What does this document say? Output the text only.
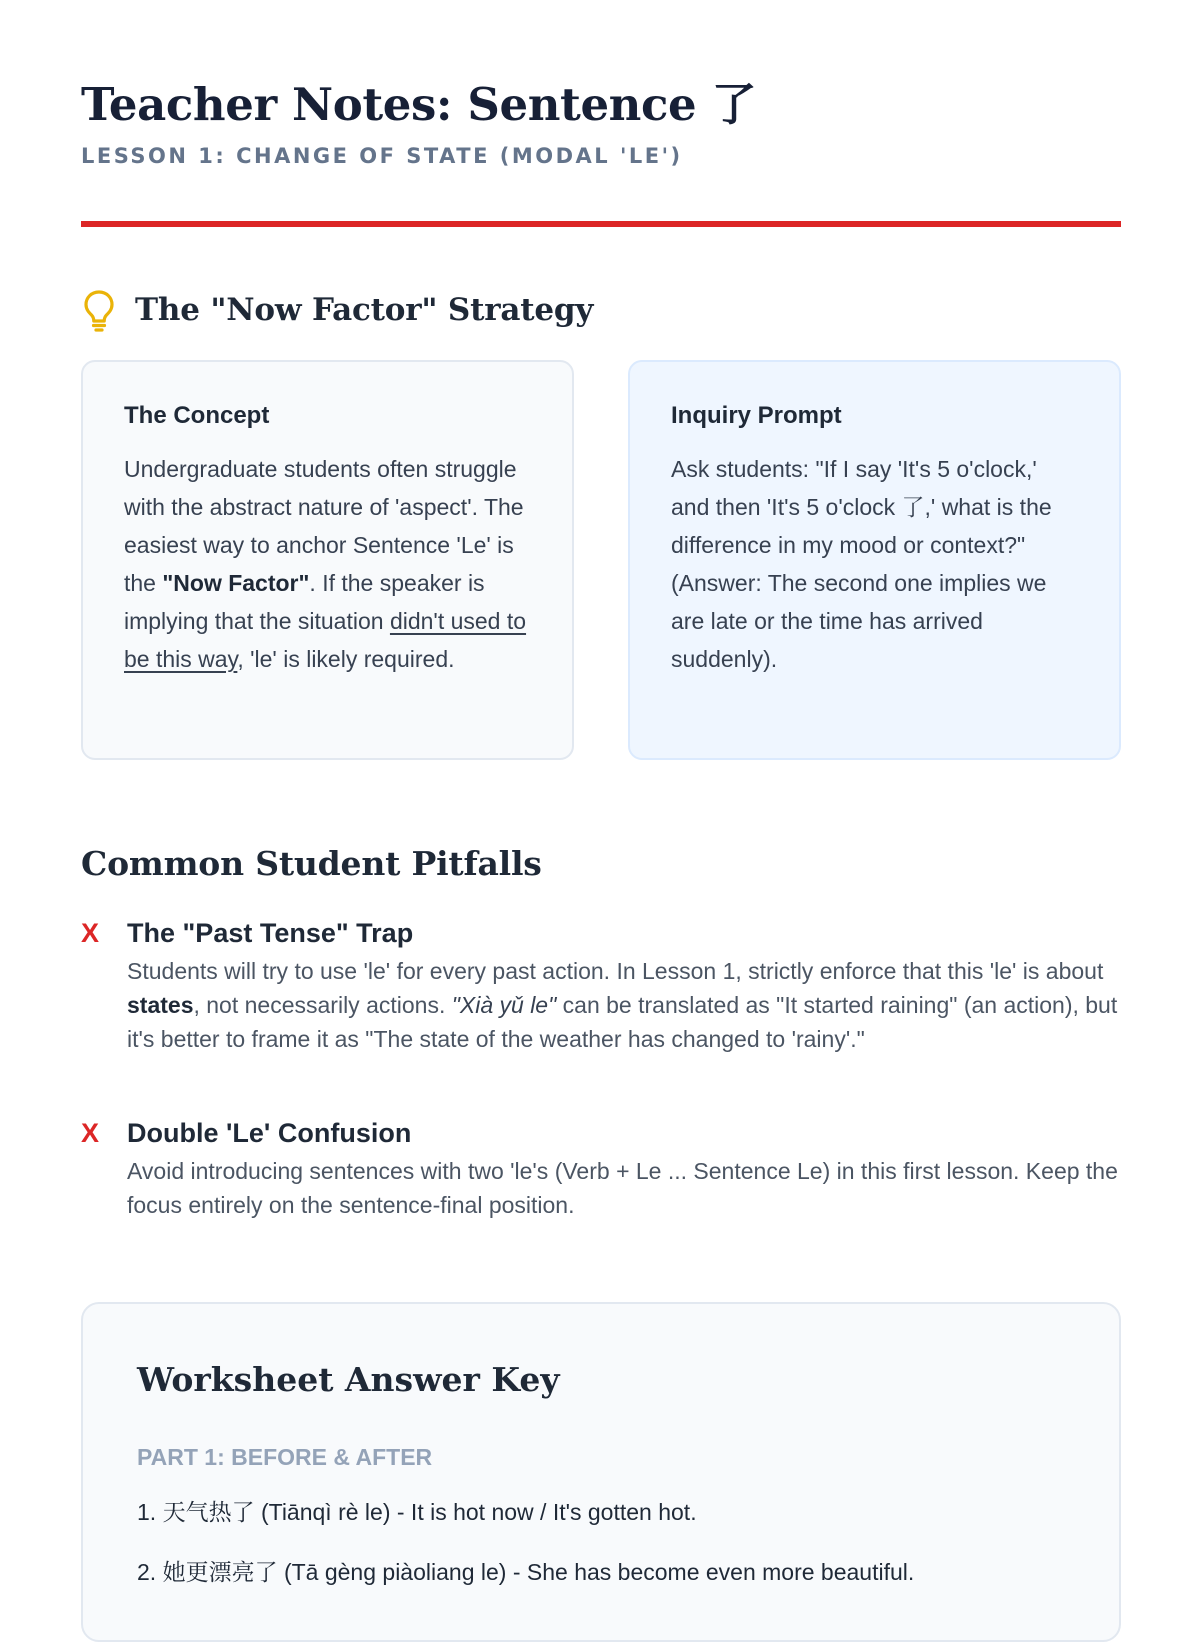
Teacher Notes: Sentence 了

LESSON 1: CHANGE OF STATE (MODAL 'LE')

The "Now Factor" Strategy
The Concept

Undergraduate students often struggle with the abstract nature of 'aspect'. The easiest way to anchor Sentence 'Le' is the "Now Factor". If the speaker is implying that the situation didn't used to be this way, 'le' is likely required.

Inquiry Prompt

Ask students: "If I say 'It's 5 o'clock,' and then 'It's 5 o'clock 了,' what is the difference in my mood or context?" (Answer: The second one implies we are late or the time has arrived suddenly).

Common Student Pitfalls
X The "Past Tense" Trap

Students will try to use 'le' for every past action. In Lesson 1, strictly enforce that this 'le' is about states, not necessarily actions. "Xià yǔ le" can be translated as "It started raining" (an action), but it's better to frame it as "The state of the weather has changed to 'rainy'."

X Double 'Le' Confusion

Avoid introducing sentences with two 'le's (Verb + Le ... Sentence Le) in this first lesson. Keep the focus entirely on the sentence-final position.

Worksheet Answer Key

PART 1: BEFORE & AFTER

1. 天气热了 (Tiānqì rè le) - It is hot now / It's gotten hot.
2. 她更漂亮了 (Tā gèng piàoliang le) - She has become even more beautiful.
